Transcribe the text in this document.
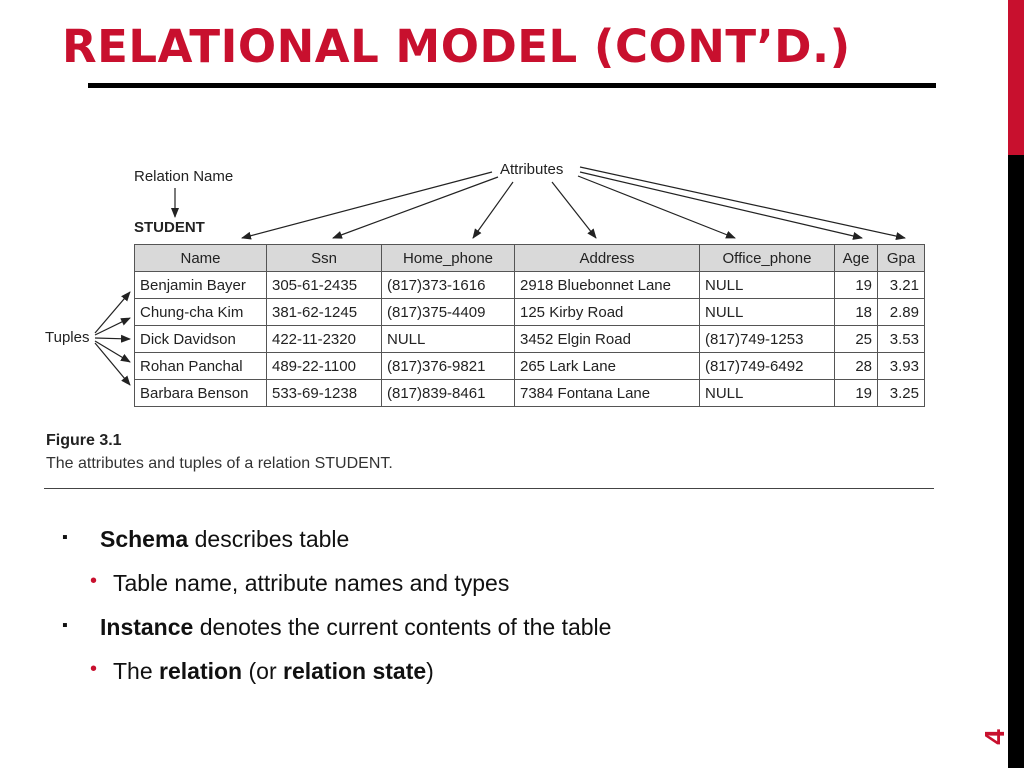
RELATIONAL MODEL (CONT’D.)
4
Relation Name	Attributes
STUDENT
Tuples
Name	Ssn	Home_phone	Address	Office_phone	Age	Gpa
Benjamin Bayer	305-61-2435	(817)373-1616	2918 Bluebonnet Lane	NULL	19	3.21
Chung-cha Kim	381-62-1245	(817)375-4409	125 Kirby Road	NULL	18	2.89
Dick Davidson	422-11-2320	NULL	3452 Elgin Road	(817)749-1253	25	3.53
Rohan Panchal	489-22-1100	(817)376-9821	265 Lark Lane	(817)749-6492	28	3.93
Barbara Benson	533-69-1238	(817)839-8461	7384 Fontana Lane	NULL	19	3.25
Figure 3.1
The attributes and tuples of a relation STUDENT.
▪ Schema describes table
• Table name, attribute names and types
▪ Instance denotes the current contents of the table
• The relation (or relation state)
